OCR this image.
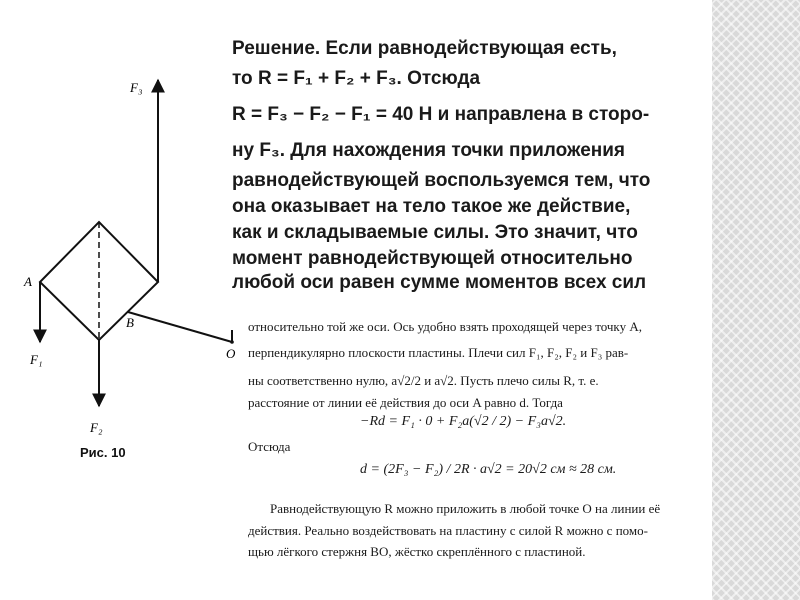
F₃
A
B
O
F₁
F₂
Рис. 10
Решение. Если равнодействующая есть,
то R = F₁ + F₂ + F₃. Отсюда
R = F₃ − F₂ − F₁ = 40 Н и направлена в сторо-
ну F₃. Для нахождения точки приложения
равнодействующей воспользуемся тем, что
она оказывает на тело такое же действие,
как и складываемые силы. Это значит, что
момент равнодействующей относительно
любой оси равен сумме моментов всех сил
относительно той же оси. Ось удобно взять проходящей через точку A,
перпендикулярно плоскости пластины. Плечи сил F₁, F₂, F₂ и F₃ рав-
ны соответственно нулю, a√2/2 и a√2. Пусть плечо силы R, т. е.
расстояние от линии её действия до оси A равно d. Тогда
−Rd = F₁ · 0 + F₂a(√2 / 2) − F₃a√2.
Отсюда
d = (2F₃ − F₂) / 2R · a√2 = 20√2 см ≈ 28 см.
Равнодействующую R можно приложить в любой точке O на линии её
действия. Реально воздействовать на пластину с силой R можно с помо-
щью лёгкого стержня BO, жёстко скреплённого с пластиной.
